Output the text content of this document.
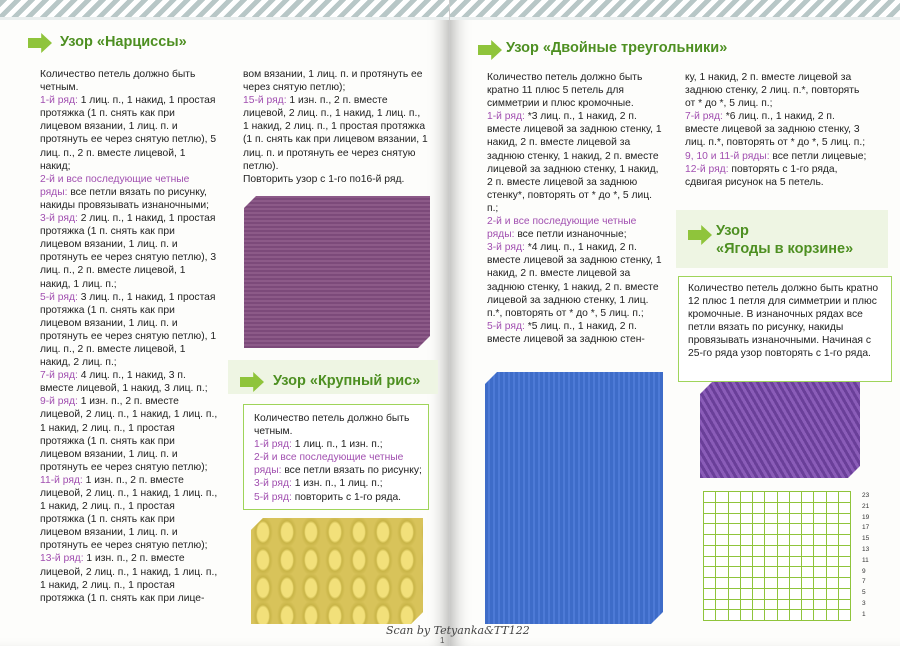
Узор «Нарциссы»
Количество петель должно быть четным.
1-й ряд: 1 лиц. п., 1 накид, 1 простая протяжка (1 п. снять как при лицевом вязании, 1 лиц. п. и протянуть ее через снятую петлю), 5 лиц. п., 2 п. вместе лицевой, 1 накид;
2-й и все последующие четные ряды: все петли вязать по рисунку, накиды провязывать изнаночными;
3-й ряд: 2 лиц. п., 1 накид, 1 простая протяжка (1 п. снять как при лицевом вязании, 1 лиц. п. и протянуть ее через снятую петлю), 3 лиц. п., 2 п. вместе лицевой, 1 накид, 1 лиц. п.;
5-й ряд: 3 лиц. п., 1 накид, 1 простая протяжка (1 п. снять как при лицевом вязании, 1 лиц. п. и протянуть ее через снятую петлю), 1 лиц. п., 2 п. вместе лицевой, 1 накид, 2 лиц. п.;
7-й ряд: 4 лиц. п., 1 накид, 3 п. вместе лицевой, 1 накид, 3 лиц. п.;
9-й ряд: 1 изн. п., 2 п. вместе лицевой, 2 лиц. п., 1 накид, 1 лиц. п., 1 накид, 2 лиц. п., 1 простая протяжка (1 п. снять как при лицевом вязании, 1 лиц. п. и протянуть ее через снятую петлю);
11-й ряд: 1 изн. п., 2 п. вместе лицевой, 2 лиц. п., 1 накид, 1 лиц. п., 1 накид, 2 лиц. п., 1 простая протяжка (1 п. снять как при лицевом вязании, 1 лиц. п. и протянуть ее через снятую петлю);
13-й ряд: 1 изн. п., 2 п. вместе лицевой, 2 лиц. п., 1 накид, 1 лиц. п., 1 накид, 2 лиц. п., 1 простая протяжка (1 п. снять как при лице-
вом вязании, 1 лиц. п. и протянуть ее через снятую петлю);
15-й ряд: 1 изн. п., 2 п. вместе лицевой, 2 лиц. п., 1 накид, 1 лиц. п., 1 накид, 2 лиц. п., 1 простая протяжка (1 п. снять как при лицевом вязании, 1 лиц. п. и протянуть ее через снятую петлю).
Повторить узор с 1-го по16-й ряд.
Узор «Крупный рис»
Количество петель должно быть четным.
1-й ряд: 1 лиц. п., 1 изн. п.;
2-й и все последующие четные ряды: все петли вязать по рисунку;
3-й ряд: 1 изн. п., 1 лиц. п.;
5-й ряд: повторить с 1-го ряда.
Scan by Tetyanka&TT122
1
Узор «Двойные треугольники»
Количество петель должно быть кратно 11 плюс 5 петель для симметрии и плюс кромочные.
1-й ряд: *3 лиц. п., 1 накид, 2 п. вместе лицевой за заднюю стенку, 1 накид, 2 п. вместе лицевой за заднюю стенку, 1 накид, 2 п. вместе лицевой за заднюю стенку, 1 накид, 2 п. вместе лицевой за заднюю стенку*, повторять от * до *, 5 лиц. п.;
2-й и все последующие четные ряды: все петли изнаночные;
3-й ряд: *4 лиц. п., 1 накид, 2 п. вместе лицевой за заднюю стенку, 1 накид, 2 п. вместе лицевой за заднюю стенку, 1 накид, 2 п. вместе лицевой за заднюю стенку, 1 лиц. п.*, повторять от * до *, 5 лиц. п.;
5-й ряд: *5 лиц. п., 1 накид, 2 п. вместе лицевой за заднюю стен-
ку, 1 накид, 2 п. вместе лицевой за заднюю стенку, 2 лиц. п.*, повторять от * до *, 5 лиц. п.;
7-й ряд: *6 лиц. п., 1 накид, 2 п. вместе лицевой за заднюю стенку, 3 лиц. п.*, повторять от * до *, 5 лиц. п.;
9, 10 и 11-й ряды: все петли лицевые;
12-й ряд: повторять с 1-го ряда, сдвигая рисунок на 5 петель.
Узор
«Ягоды в корзине»
Количество петель должно быть кратно 12 плюс 1 петля для симметрии и плюс кромочные. В изнаночных рядах все петли вязать по рисунку, накиды провязывать изнаночными. Начиная с 25-го ряда узор повторять с 1-го ряда.
23
21
19
17
15
13
11
9
7
5
3
1
